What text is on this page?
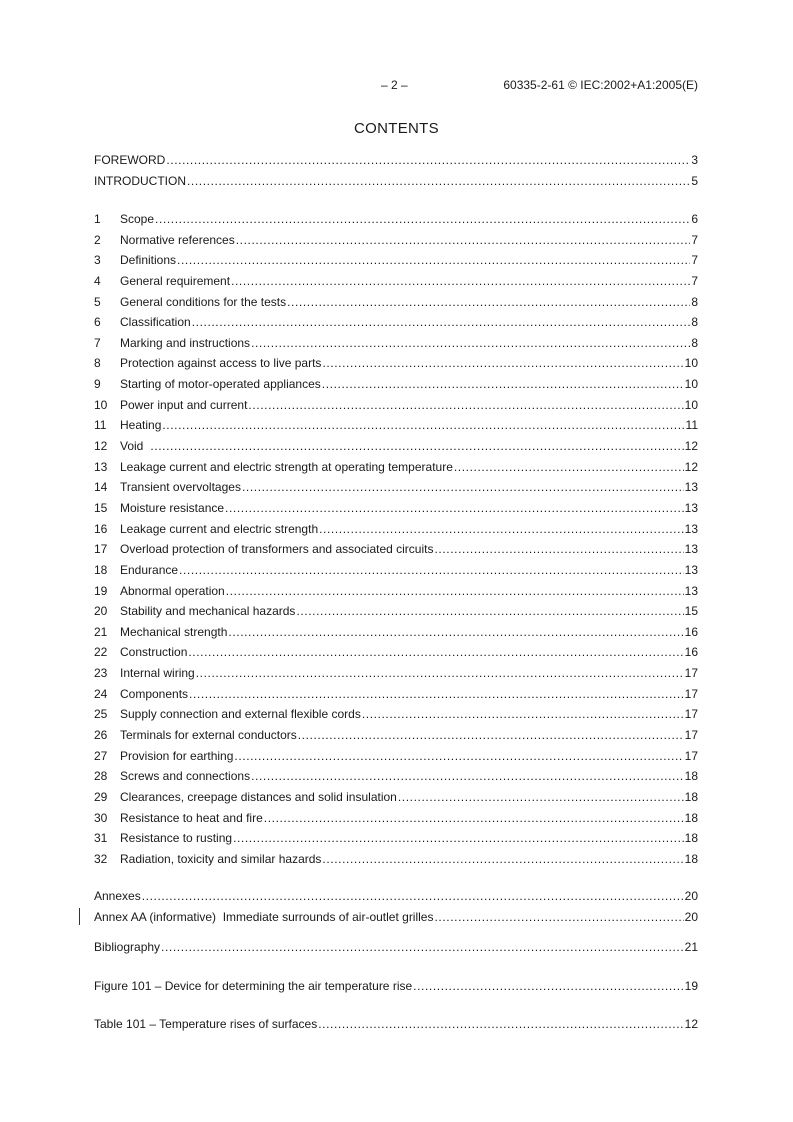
– 2 –	60335-2-61 © IEC:2002+A1:2005(E)
CONTENTS
FOREWORD .....	3
INTRODUCTION .....	5
1	Scope .....	6
2	Normative references .....	7
3	Definitions .....	7
4	General requirement .....	7
5	General conditions for the tests .....	8
6	Classification .....	8
7	Marking and instructions .....	8
8	Protection against access to live parts .....	10
9	Starting of motor-operated appliances .....	10
10	Power input and current .....	10
11	Heating .....	11
12	Void .....	12
13	Leakage current and electric strength at operating temperature .....	12
14	Transient overvoltages .....	13
15	Moisture resistance .....	13
16	Leakage current and electric strength .....	13
17	Overload protection of transformers and associated circuits .....	13
18	Endurance .....	13
19	Abnormal operation .....	13
20	Stability and mechanical hazards .....	15
21	Mechanical strength .....	16
22	Construction .....	16
23	Internal wiring .....	17
24	Components .....	17
25	Supply connection and external flexible cords .....	17
26	Terminals for external conductors .....	17
27	Provision for earthing .....	17
28	Screws and connections .....	18
29	Clearances, creepage distances and solid insulation .....	18
30	Resistance to heat and fire .....	18
31	Resistance to rusting .....	18
32	Radiation, toxicity and similar hazards .....	18
Annexes .....	20
Annex AA (informative)  Immediate surrounds of air-outlet grilles .....	20
Bibliography .....	21
Figure 101 – Device for determining the air temperature rise .....	19
Table 101 – Temperature rises of surfaces .....	12
